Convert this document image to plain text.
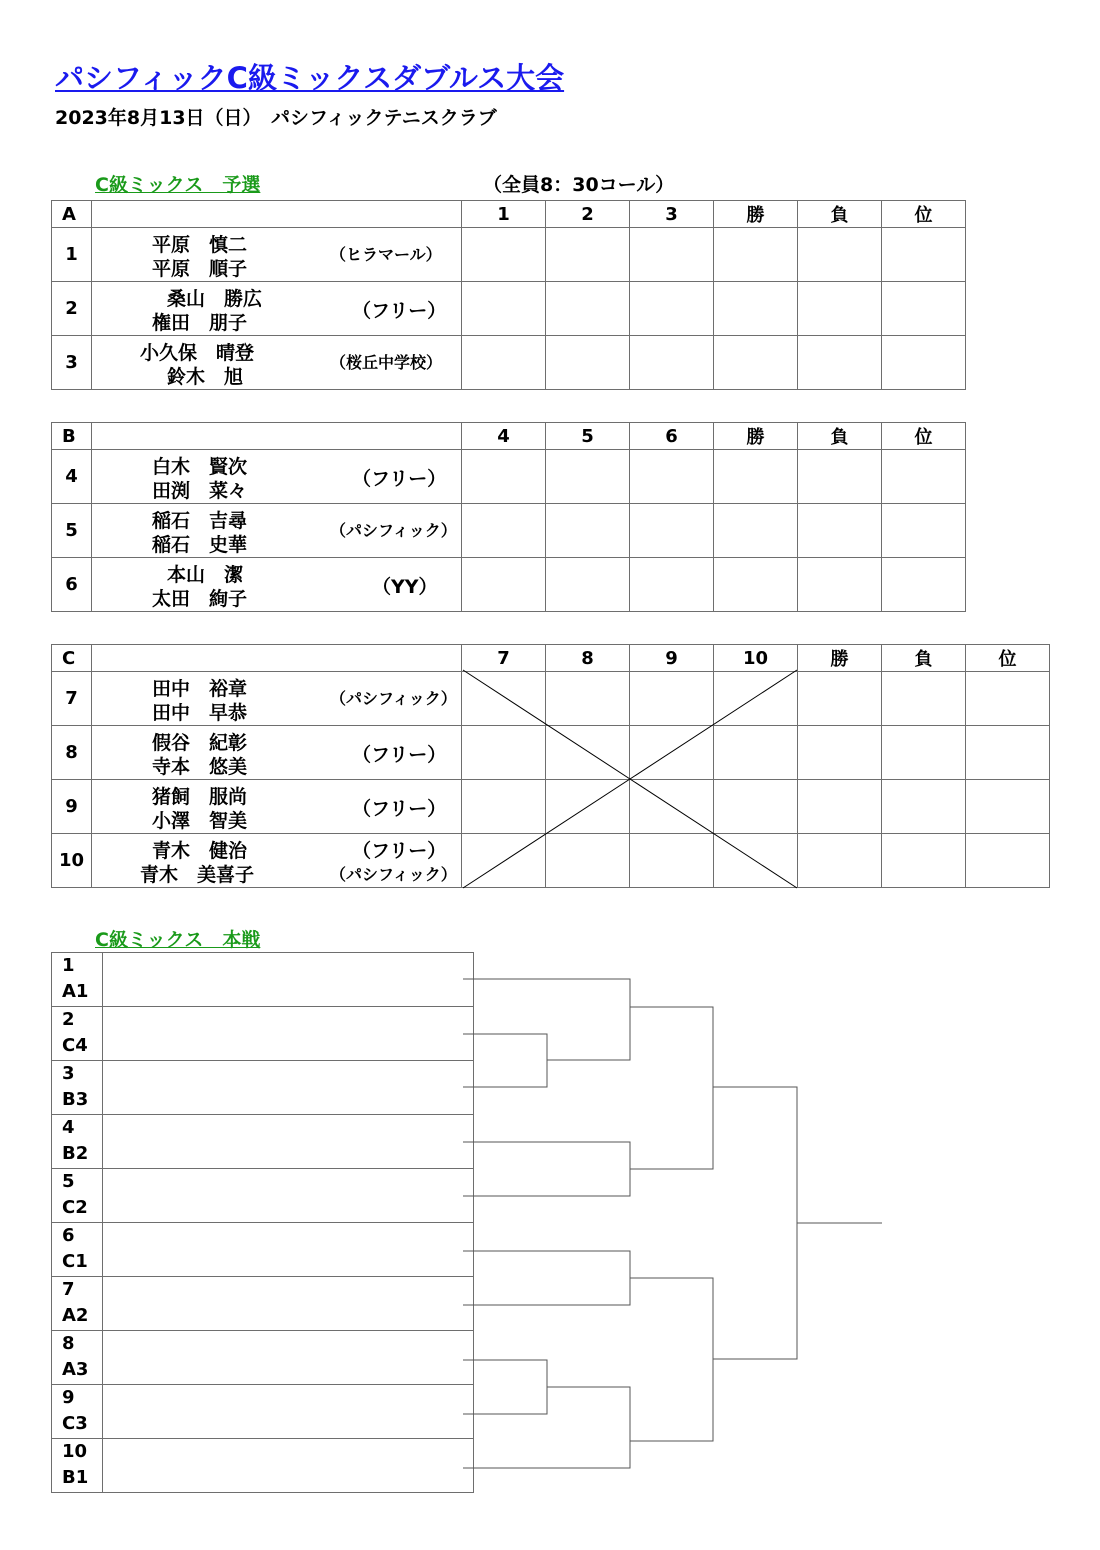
パシフィックC級ミックスダブルス大会
2023年8月13日（日）　パシフィックテニスクラブ
C級ミックス　予選	（全員8：30コール）
A		1	2	3	勝	負	位
1	平原　慎二
平原　順子
（ヒラマール）						

2	桑山　勝広
権田　朋子
（フリー）						

3	小久保　晴登
鈴木　旭
（桜丘中学校）						

B		4	5	6	勝	負	位
4	白木　賢次
田渕　菜々
（フリー）						

5	稲石　吉尋
稲石　史華
（パシフィック）						

6	本山　潔
太田　絢子
（YY）						

C		7	8	9	10	勝	負	位
7	田中　裕章
田中　早恭
（パシフィック）							

8	假谷　紀彰
寺本　悠美
（フリー）							

9	猪飼　服尚
小澤　智美
（フリー）							

10	青木　健治
青木　美喜子
（フリー）
（パシフィック）							

C級ミックス　本戦
1
A1	
2
C4	
3
B3	
4
B2	
5
C2	
6
C1	
7
A2	
8
A3	
9
C3	
10
B1	
